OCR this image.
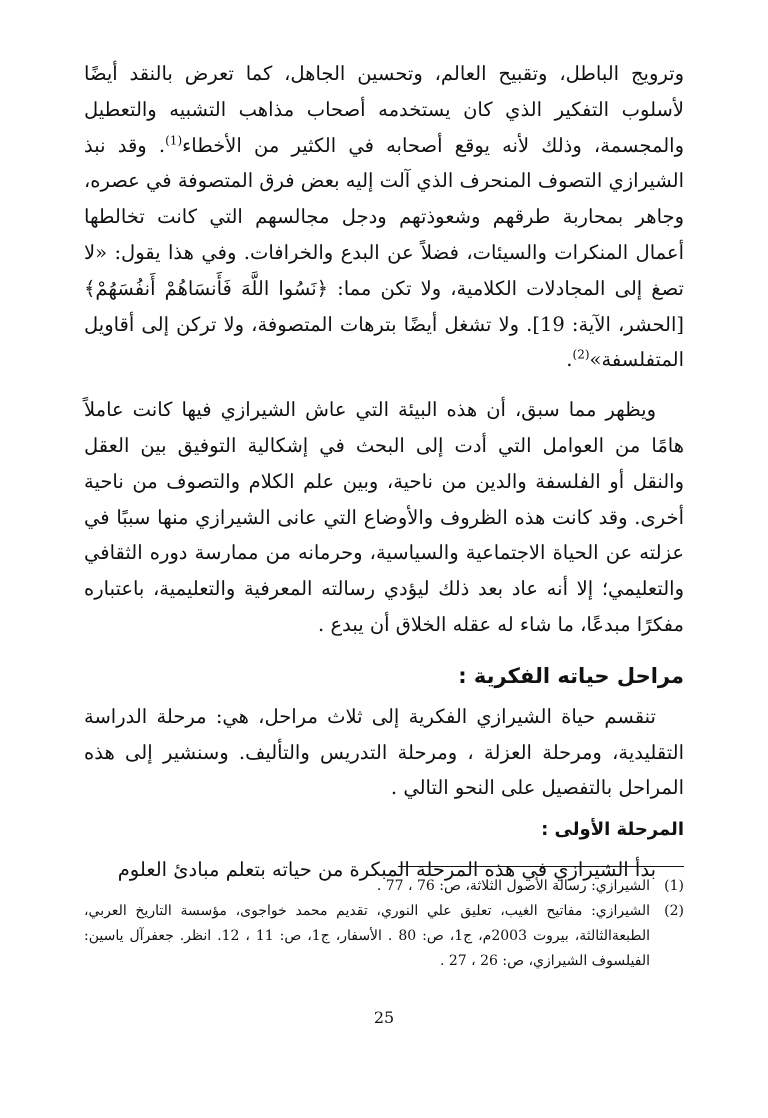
وترويج الباطل، وتقبيح العالم، وتحسين الجاهل، كما تعرض بالنقد أيضًا لأسلوب التفكير الذي كان يستخدمه أصحاب مذاهب التشبيه والتعطيل والمجسمة، وذلك لأنه يوقع أصحابه في الكثير من الأخطاء$^{(1)}$. وقد نبذ الشيرازي التصوف المنحرف الذي آلت إليه بعض فرق المتصوفة في عصره، وجاهر بمحاربة طرقهم وشعوذتهم ودجل مجالسهم التي كانت تخالطها أعمال المنكرات والسيئات، فضلاً عن البدع والخرافات. وفي هذا يقول: «لا تصغ إلى المجادلات الكلامية، ولا تكن مما: ﴿نَسُوا اللَّهَ فَأَنسَاهُمْ أَنفُسَهُمْ﴾ [الحشر، الآية: 19]. ولا تشغل أيضًا بترهات المتصوفة، ولا تركن إلى أقاويل المتفلسفة»$^{(2)}$.

ويظهر مما سبق، أن هذه البيئة التي عاش الشيرازي فيها كانت عاملاً هامًا من العوامل التي أدت إلى البحث في إشكالية التوفيق بين العقل والنقل أو الفلسفة والدين من ناحية، وبين علم الكلام والتصوف من ناحية أخرى. وقد كانت هذه الظروف والأوضاع التي عانى الشيرازي منها سببًا في عزلته عن الحياة الاجتماعية والسياسية، وحرمانه من ممارسة دوره الثقافي والتعليمي؛ إلا أنه عاد بعد ذلك ليؤدي رسالته المعرفية والتعليمية، باعتباره مفكرًا مبدعًا، ما شاء له عقله الخلاق أن يبدع .

مراحل حياته الفكرية :

تنقسم حياة الشيرازي الفكرية إلى ثلاث مراحل، هي: مرحلة الدراسة التقليدية، ومرحلة العزلة ، ومرحلة التدريس والتأليف. وسنشير إلى هذه المراحل بالتفصيل على النحو التالي .

المرحلة الأولى :

بدأ الشيرازي في هذه المرحلة المبكرة من حياته بتعلم مبادئ العلوم

(1)
الشيرازي: رسالة الأصول الثلاثة، ص: 76 ، 77 .
(2)
الشيرازي: مفاتيح الغيب، تعليق علي النوري، تقديم محمد خواجوى، مؤسسة التاريخ العربي، الطبعةالثالثة، بيروت 2003م، ج1، ص: 80 . الأسفار، ج1، ص: 11 ، 12. انظر. جعفرآل ياسين: الفيلسوف الشيرازي، ص: 26 ، 27 .
25
